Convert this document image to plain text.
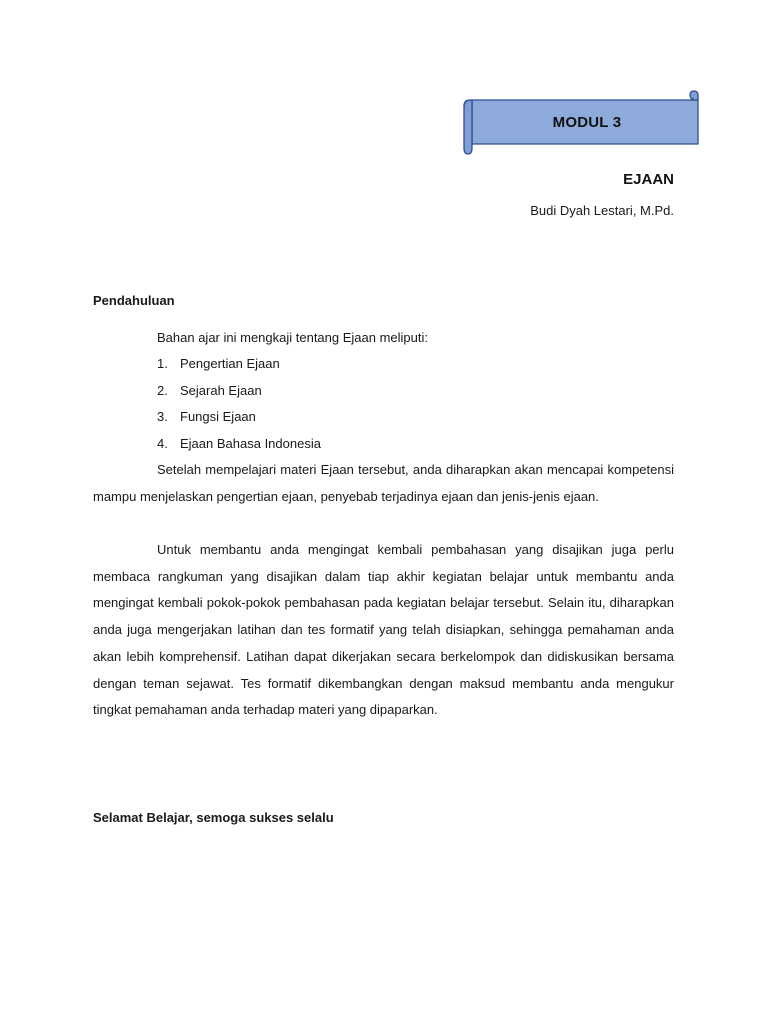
MODUL 3
EJAAN
Budi Dyah Lestari, M.Pd.
Pendahuluan
Bahan ajar ini mengkaji tentang Ejaan meliputi:
1. Pengertian Ejaan
2. Sejarah Ejaan
3. Fungsi Ejaan
4. Ejaan Bahasa Indonesia

Setelah mempelajari materi Ejaan tersebut, anda diharapkan akan mencapai kompetensi mampu menjelaskan pengertian ejaan, penyebab terjadinya ejaan dan jenis-jenis ejaan.

Untuk membantu anda mengingat kembali pembahasan yang disajikan juga perlu membaca rangkuman yang disajikan dalam tiap akhir kegiatan belajar untuk membantu anda mengingat kembali pokok-pokok pembahasan pada kegiatan belajar tersebut. Selain itu, diharapkan anda juga mengerjakan latihan dan tes formatif yang telah disiapkan, sehingga pemahaman anda akan lebih komprehensif. Latihan dapat dikerjakan secara berkelompok dan didiskusikan bersama dengan teman sejawat. Tes formatif dikembangkan dengan maksud membantu anda mengukur tingkat pemahaman anda terhadap materi yang dipaparkan.

Selamat Belajar, semoga sukses selalu
